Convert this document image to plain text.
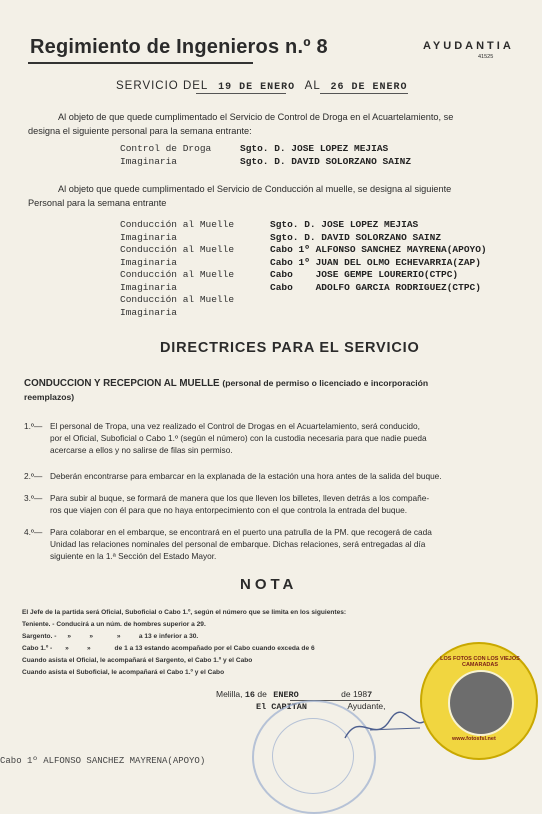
Regimiento de Ingenieros n.º 8	AYUDANTIA
41525
SERVICIO DEL 19 DE ENERO AL 26 DE ENERO

Al objeto de que quede cumplimentado el Servicio de Control de Droga en el Acuartelamiento, se
designa el siguiente personal para la semana entrante:

Control de Droga	Sgto. D. JOSE LOPEZ MEJIAS
Imaginaria	Sgto. D. DAVID SOLORZANO SAINZ

Al objeto que quede cumplimentado el Servicio de Conducción al muelle, se designa al siguiente
Personal para la semana entrante

Conducción al Muelle	Sgto. D. JOSE LOPEZ MEJIAS
Imaginaria	Sgto. D. DAVID SOLORZANO SAINZ
Conducción al Muelle	Cabo 1º ALFONSO SANCHEZ MAYRENA(APOYO)
Imaginaria	Cabo 1º JUAN DEL OLMO ECHEVARRIA(ZAP)
Conducción al Muelle	Cabo    JOSE GEMPE LOURERIO(CTPC)
Imaginaria	Cabo    ADOLFO GARCIA RODRIGUEZ(CTPC)
Conducción al Muelle
Imaginaria
DIRECTRICES PARA EL SERVICIO
CONDUCCION Y RECEPCION AL MUELLE (personal de permiso o licenciado e incorporación
reemplazos)

1.º— El personal de Tropa, una vez realizado el Control de Drogas en el Acuartelamiento, será conducido,
por el Oficial, Suboficial o Cabo 1.º (según el número) con la custodia necesaria para que nadie pueda
acercarse a ellos y no salirse de filas sin permiso.

2.º— Deberán encontrarse para embarcar en la explanada de la estación una hora antes de la salida del buque.

3.º— Para subir al buque, se formará de manera que los que lleven los billetes, lleven detrás a los compañe-
ros que viajen con él para que no haya entorpecimiento con el que controla la entrada del buque.

4.º— Para colaborar en el embarque, se encontrará en el puerto una patrulla de la PM. que recogerá de cada
Unidad las relaciones nominales del personal de embarque. Dichas relaciones, será entregadas al día
siguiente en la 1.ª Sección del Estado Mayor.

NOTA
El Jefe de la partida será Oficial, Suboficial o Cabo 1.º, según el número que se limita en los siguientes:
Teniente. - Conducirá a un núm. de hombres superior a 29.
Sargento. -      »          »             »          a 13 e inferior a 30.
Cabo 1.º -       »          »             de 1 a 13 estando acompañado por el Cabo cuando exceda de 6
Cuando asista el Oficial, le acompañará el Sargento, el Cabo 1.º y el Cabo
Cuando asista el Suboficial, le acompañará el Cabo 1.º y el Cabo
Melilla, 16 de ENERO	de 1987
El CAPITAN	Ayudante,
LOS FOTOS CON LOS VIEJOS CAMARADAS
www.fotosfsl.net
Cabo 1º ALFONSO SANCHEZ MAYRENA(APOYO)
